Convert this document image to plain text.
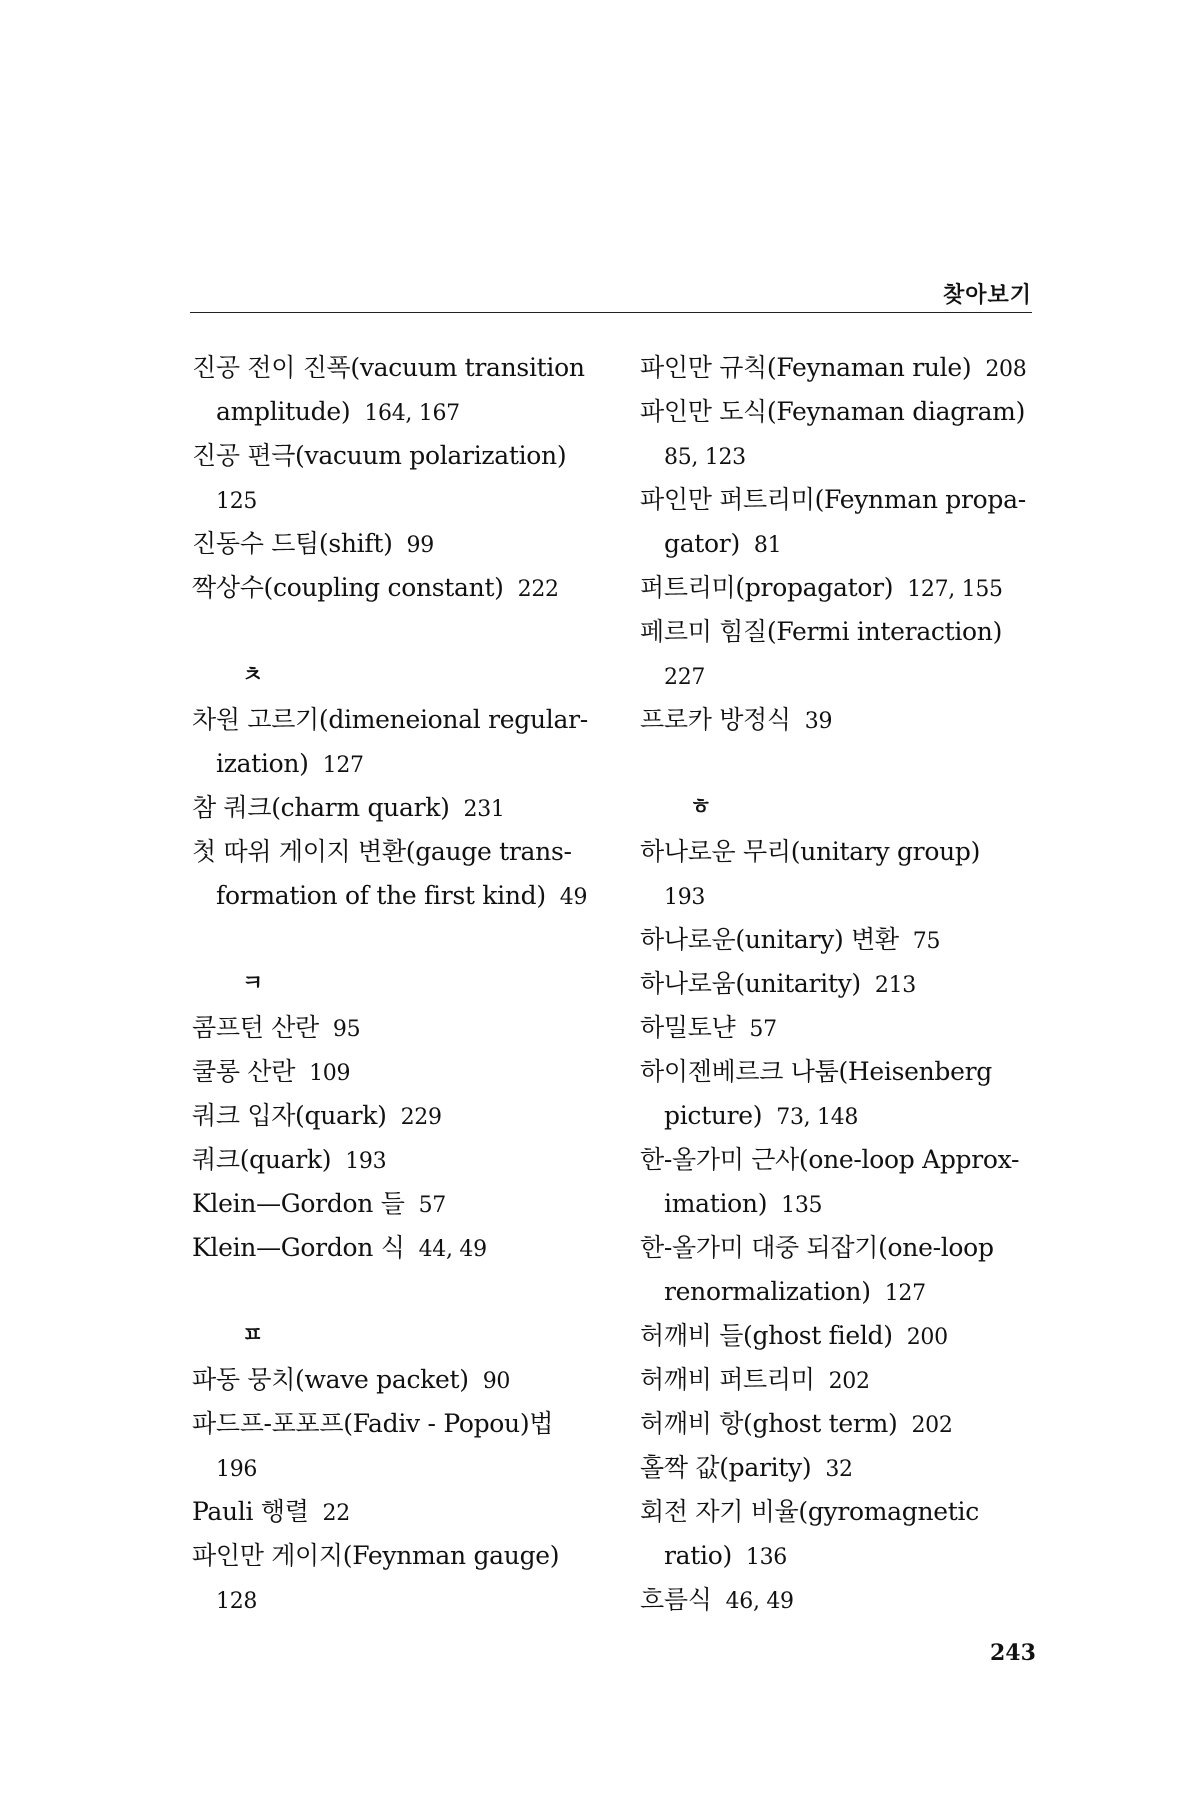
찾아보기
진공 전이 진폭(vacuum transition
amplitude) 164, 167
진공 편극(vacuum polarization)
125
진동수 드팀(shift) 99
짝상수(coupling constant) 222
ㅊ
차원 고르기(dimeneional regular-
ization) 127
참 쿼크(charm quark) 231
첫 따위 게이지 변환(gauge trans-
formation of the first kind) 49
ㅋ
콤프턴 산란 95
쿨롱 산란 109
쿼크 입자(quark) 229
쿼크(quark) 193
Klein—Gordon 들 57
Klein—Gordon 식 44, 49
ㅍ
파동 뭉치(wave packet) 90
파드프-포포프(Fadiv - Popou)법
196
Pauli 행렬 22
파인만 게이지(Feynman gauge)
128
파인만 규칙(Feynaman rule) 208
파인만 도식(Feynaman diagram)
85, 123
파인만 퍼트리미(Feynman propa-
gator) 81
퍼트리미(propagator) 127, 155
페르미 힘질(Fermi interaction)
227
프로카 방정식 39
ㅎ
하나로운 무리(unitary group)
193
하나로운(unitary) 변환 75
하나로움(unitarity) 213
하밀토냔 57
하이젠베르크 나툼(Heisenberg
picture) 73, 148
한-올가미 근사(one-loop Approx-
imation) 135
한-올가미 대중 되잡기(one-loop
renormalization) 127
허깨비 들(ghost field) 200
허깨비 퍼트리미 202
허깨비 항(ghost term) 202
홀짝 값(parity) 32
회전 자기 비율(gyromagnetic
ratio) 136
흐름식 46, 49
243
